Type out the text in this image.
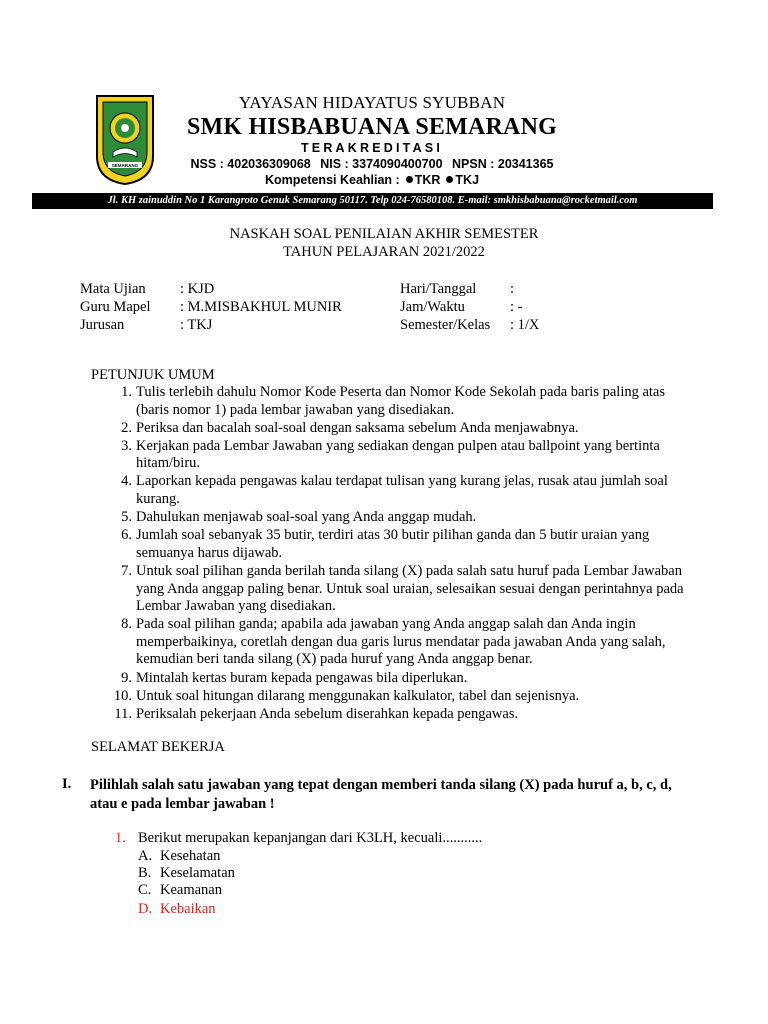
SEMARANG
YAYASAN HIDAYATUS SYUBBAN
SMK HISBABUANA SEMARANG
TERAKREDITASI
NSS : 402036309068 NIS : 3374090400700 NPSN : 20341365
Kompetensi Keahlian : TKR TKJ
Jl. KH zainuddin No 1 Karangroto Genuk Semarang 50117. Telp 024-76580108. E-mail: smkhisbabuana@rocketmail.com
NASKAH SOAL PENILAIAN AKHIR SEMESTER
TAHUN PELAJARAN 2021/2022
Mata Ujian : KJD
Guru Mapel : M.MISBAKHUL MUNIR
Jurusan	: TKJ
Hari/Tanggal :
Jam/Waktu	: -
Semester/Kelas : 1/X
PETUNJUK UMUM
1. Tulis terlebih dahulu Nomor Kode Peserta dan Nomor Kode Sekolah pada baris paling atas (baris nomor 1) pada lembar jawaban yang disediakan.
2. Periksa dan bacalah soal-soal dengan saksama sebelum Anda menjawabnya.
3. Kerjakan pada Lembar Jawaban yang sediakan dengan pulpen atau ballpoint yang bertinta hitam/biru.
4. Laporkan kepada pengawas kalau terdapat tulisan yang kurang jelas, rusak atau jumlah soal kurang.
5. Dahulukan menjawab soal-soal yang Anda anggap mudah.
6. Jumlah soal sebanyak 35 butir, terdiri atas 30 butir pilihan ganda dan 5 butir uraian yang semuanya harus dijawab.
7. Untuk soal pilihan ganda berilah tanda silang (X) pada salah satu huruf pada Lembar Jawaban yang Anda anggap paling benar. Untuk soal uraian, selesaikan sesuai dengan perintahnya pada Lembar Jawaban yang disediakan.
8. Pada soal pilihan ganda; apabila ada jawaban yang Anda anggap salah dan Anda ingin memperbaikinya, coretlah dengan dua garis lurus mendatar pada jawaban Anda yang salah, kemudian beri tanda silang (X) pada huruf yang Anda anggap benar.
9. Mintalah kertas buram kepada pengawas bila diperlukan.
10. Untuk soal hitungan dilarang menggunakan kalkulator, tabel dan sejenisnya.
11. Periksalah pekerjaan Anda sebelum diserahkan kepada pengawas.
SELAMAT BEKERJA
I. Pilihlah salah satu jawaban yang tepat dengan memberi tanda silang (X) pada huruf a, b, c, d, atau e pada lembar jawaban !
1. Berikut merupakan kepanjangan dari K3LH, kecuali...........
A. Kesehatan
B. Keselamatan
C. Keamanan
D. Kebaikan
